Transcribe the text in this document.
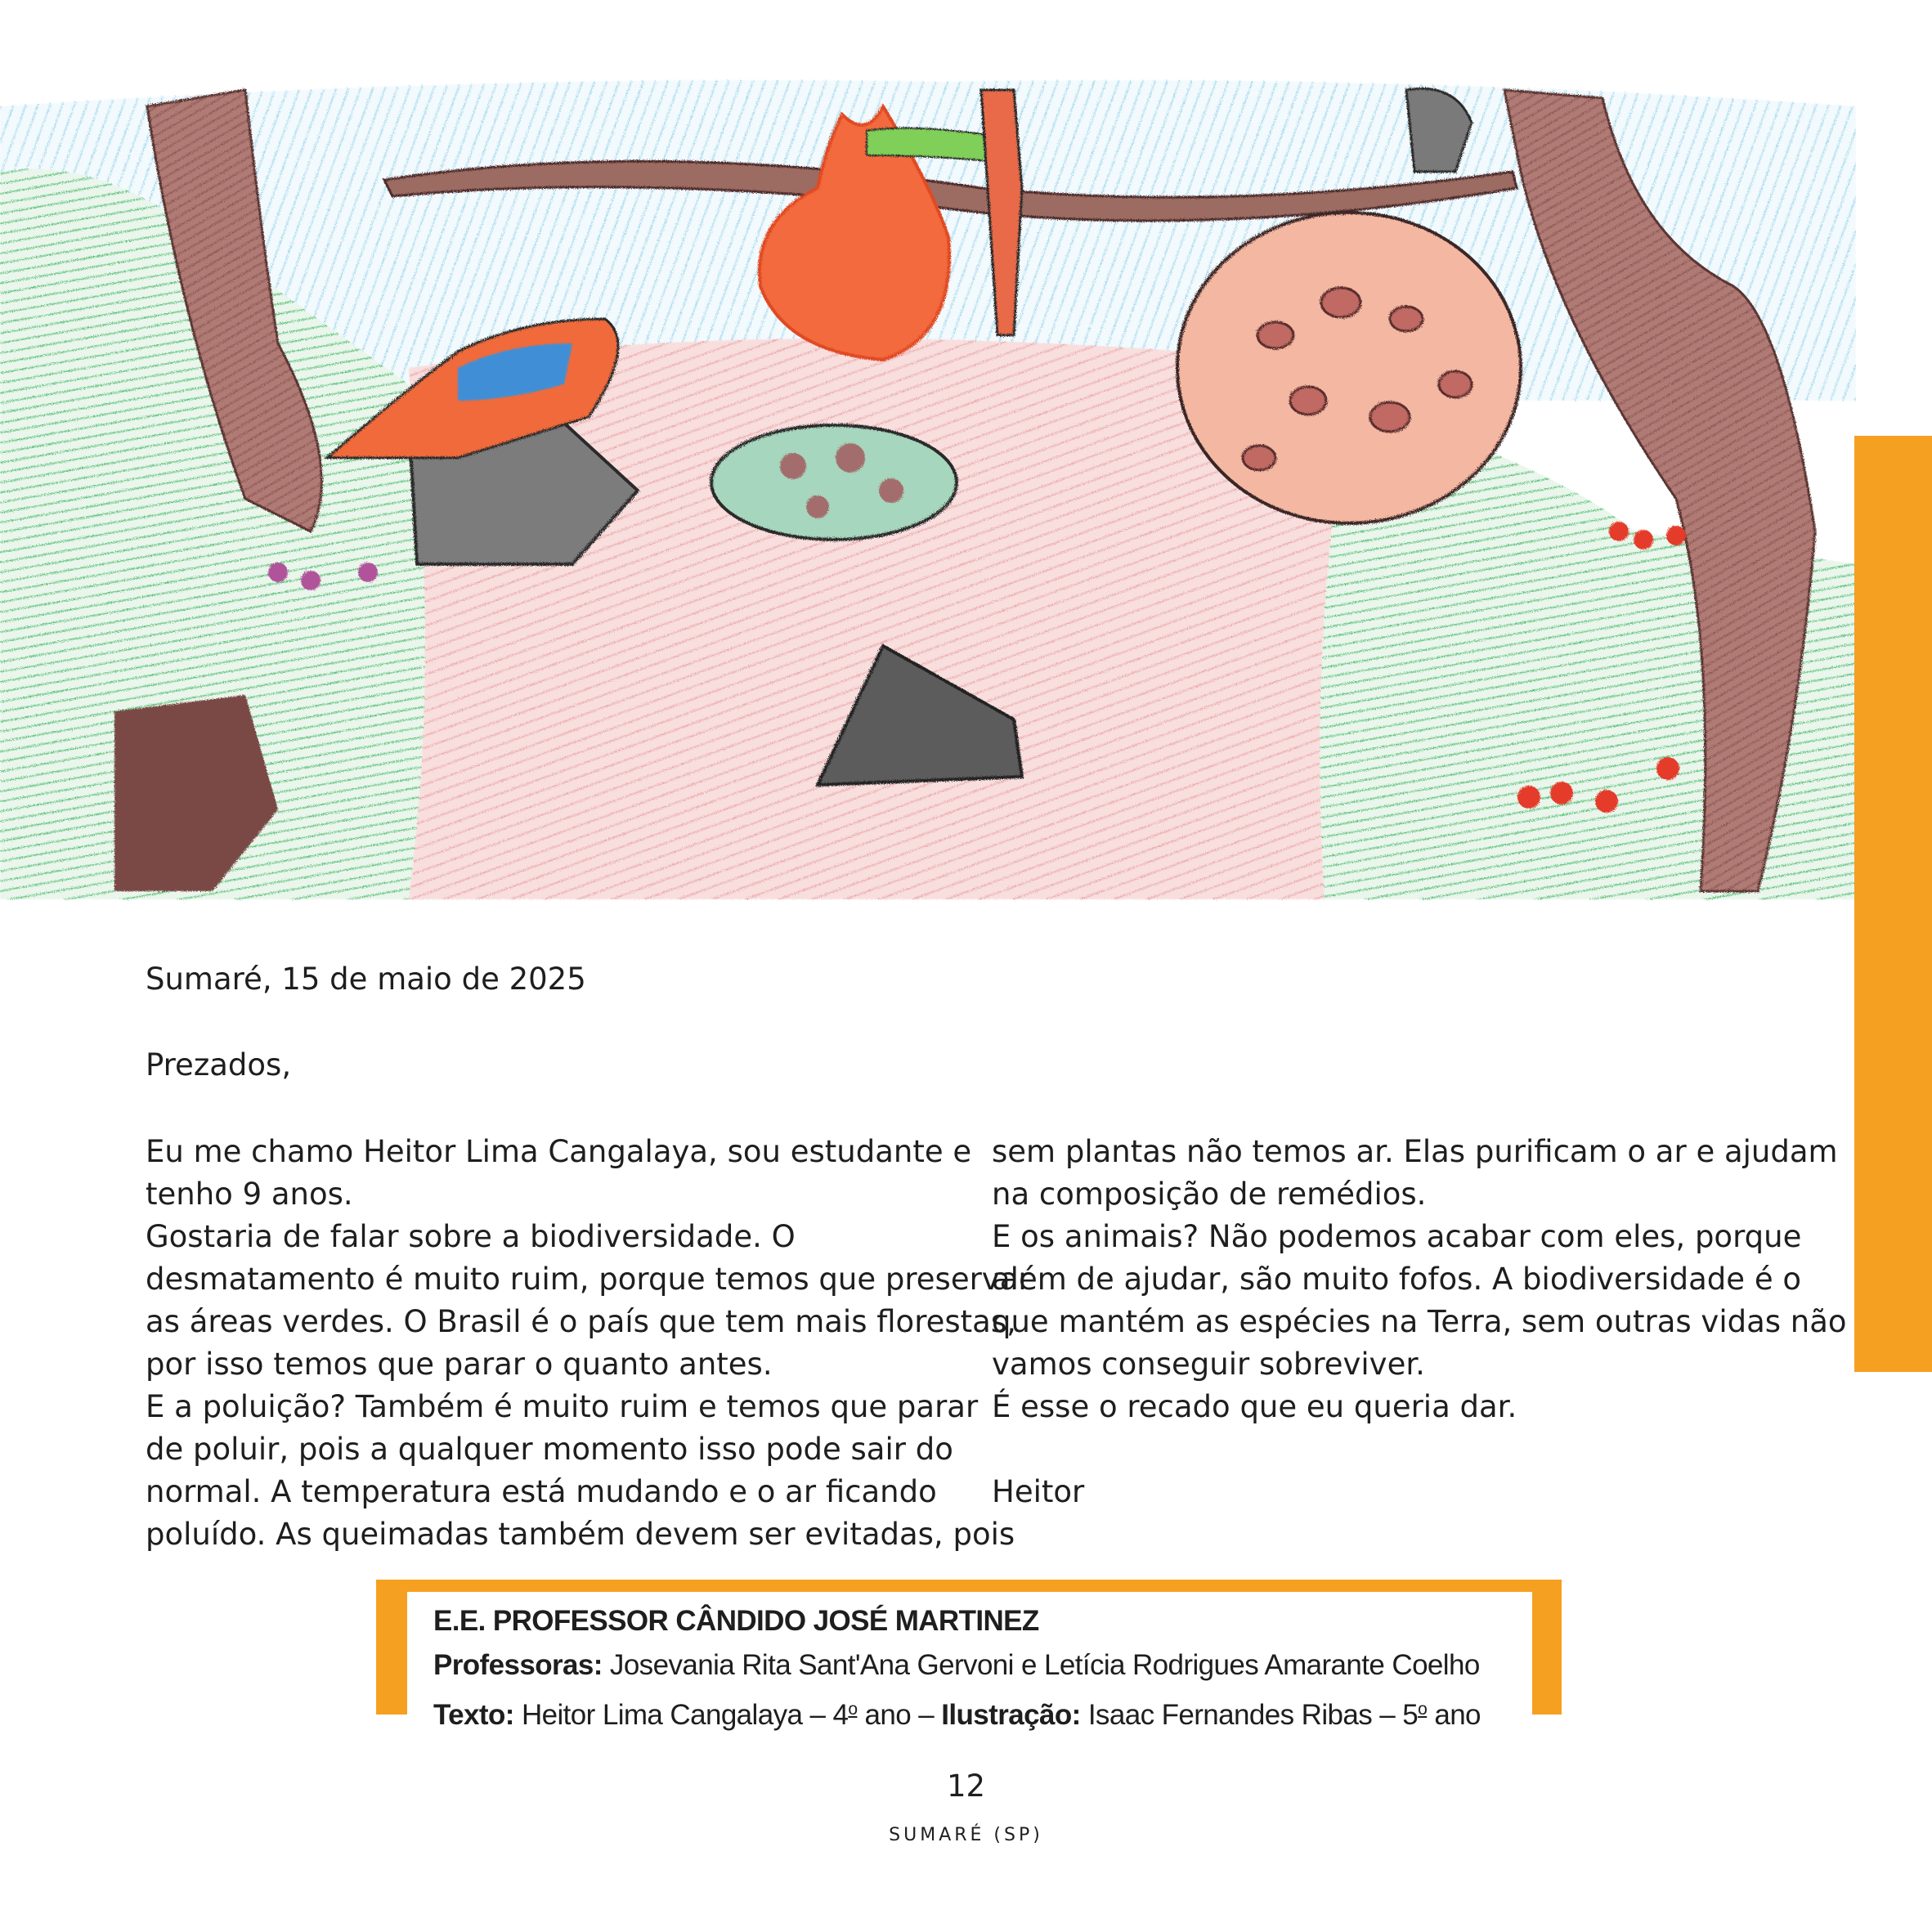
Sumaré, 15 de maio de 2025

Prezados,

Eu me chamo Heitor Lima Cangalaya, sou estudante e

tenho 9 anos.

Gostaria de falar sobre a biodiversidade. O

desmatamento é muito ruim, porque temos que preservar

as áreas verdes. O Brasil é o país que tem mais florestas,

por isso temos que parar o quanto antes.

E a poluição? Também é muito ruim e temos que parar

de poluir, pois a qualquer momento isso pode sair do

normal. A temperatura está mudando e o ar ficando

poluído. As queimadas também devem ser evitadas, pois

sem plantas não temos ar. Elas purificam o ar e ajudam

na composição de remédios.

E os animais? Não podemos acabar com eles, porque

além de ajudar, são muito fofos. A biodiversidade é o

que mantém as espécies na Terra, sem outras vidas não

vamos conseguir sobreviver.

É esse o recado que eu queria dar.

Heitor

E.E. PROFESSOR CÂNDIDO JOSÉ MARTINEZ
Professoras: Josevania Rita Sant'Ana Gervoni e Letícia Rodrigues Amarante Coelho
Texto: Heitor Lima Cangalaya – 4$^o$ ano – Ilustração: Isaac Fernandes Ribas – 5$^o$ ano
12
SUMARÉ (SP)
